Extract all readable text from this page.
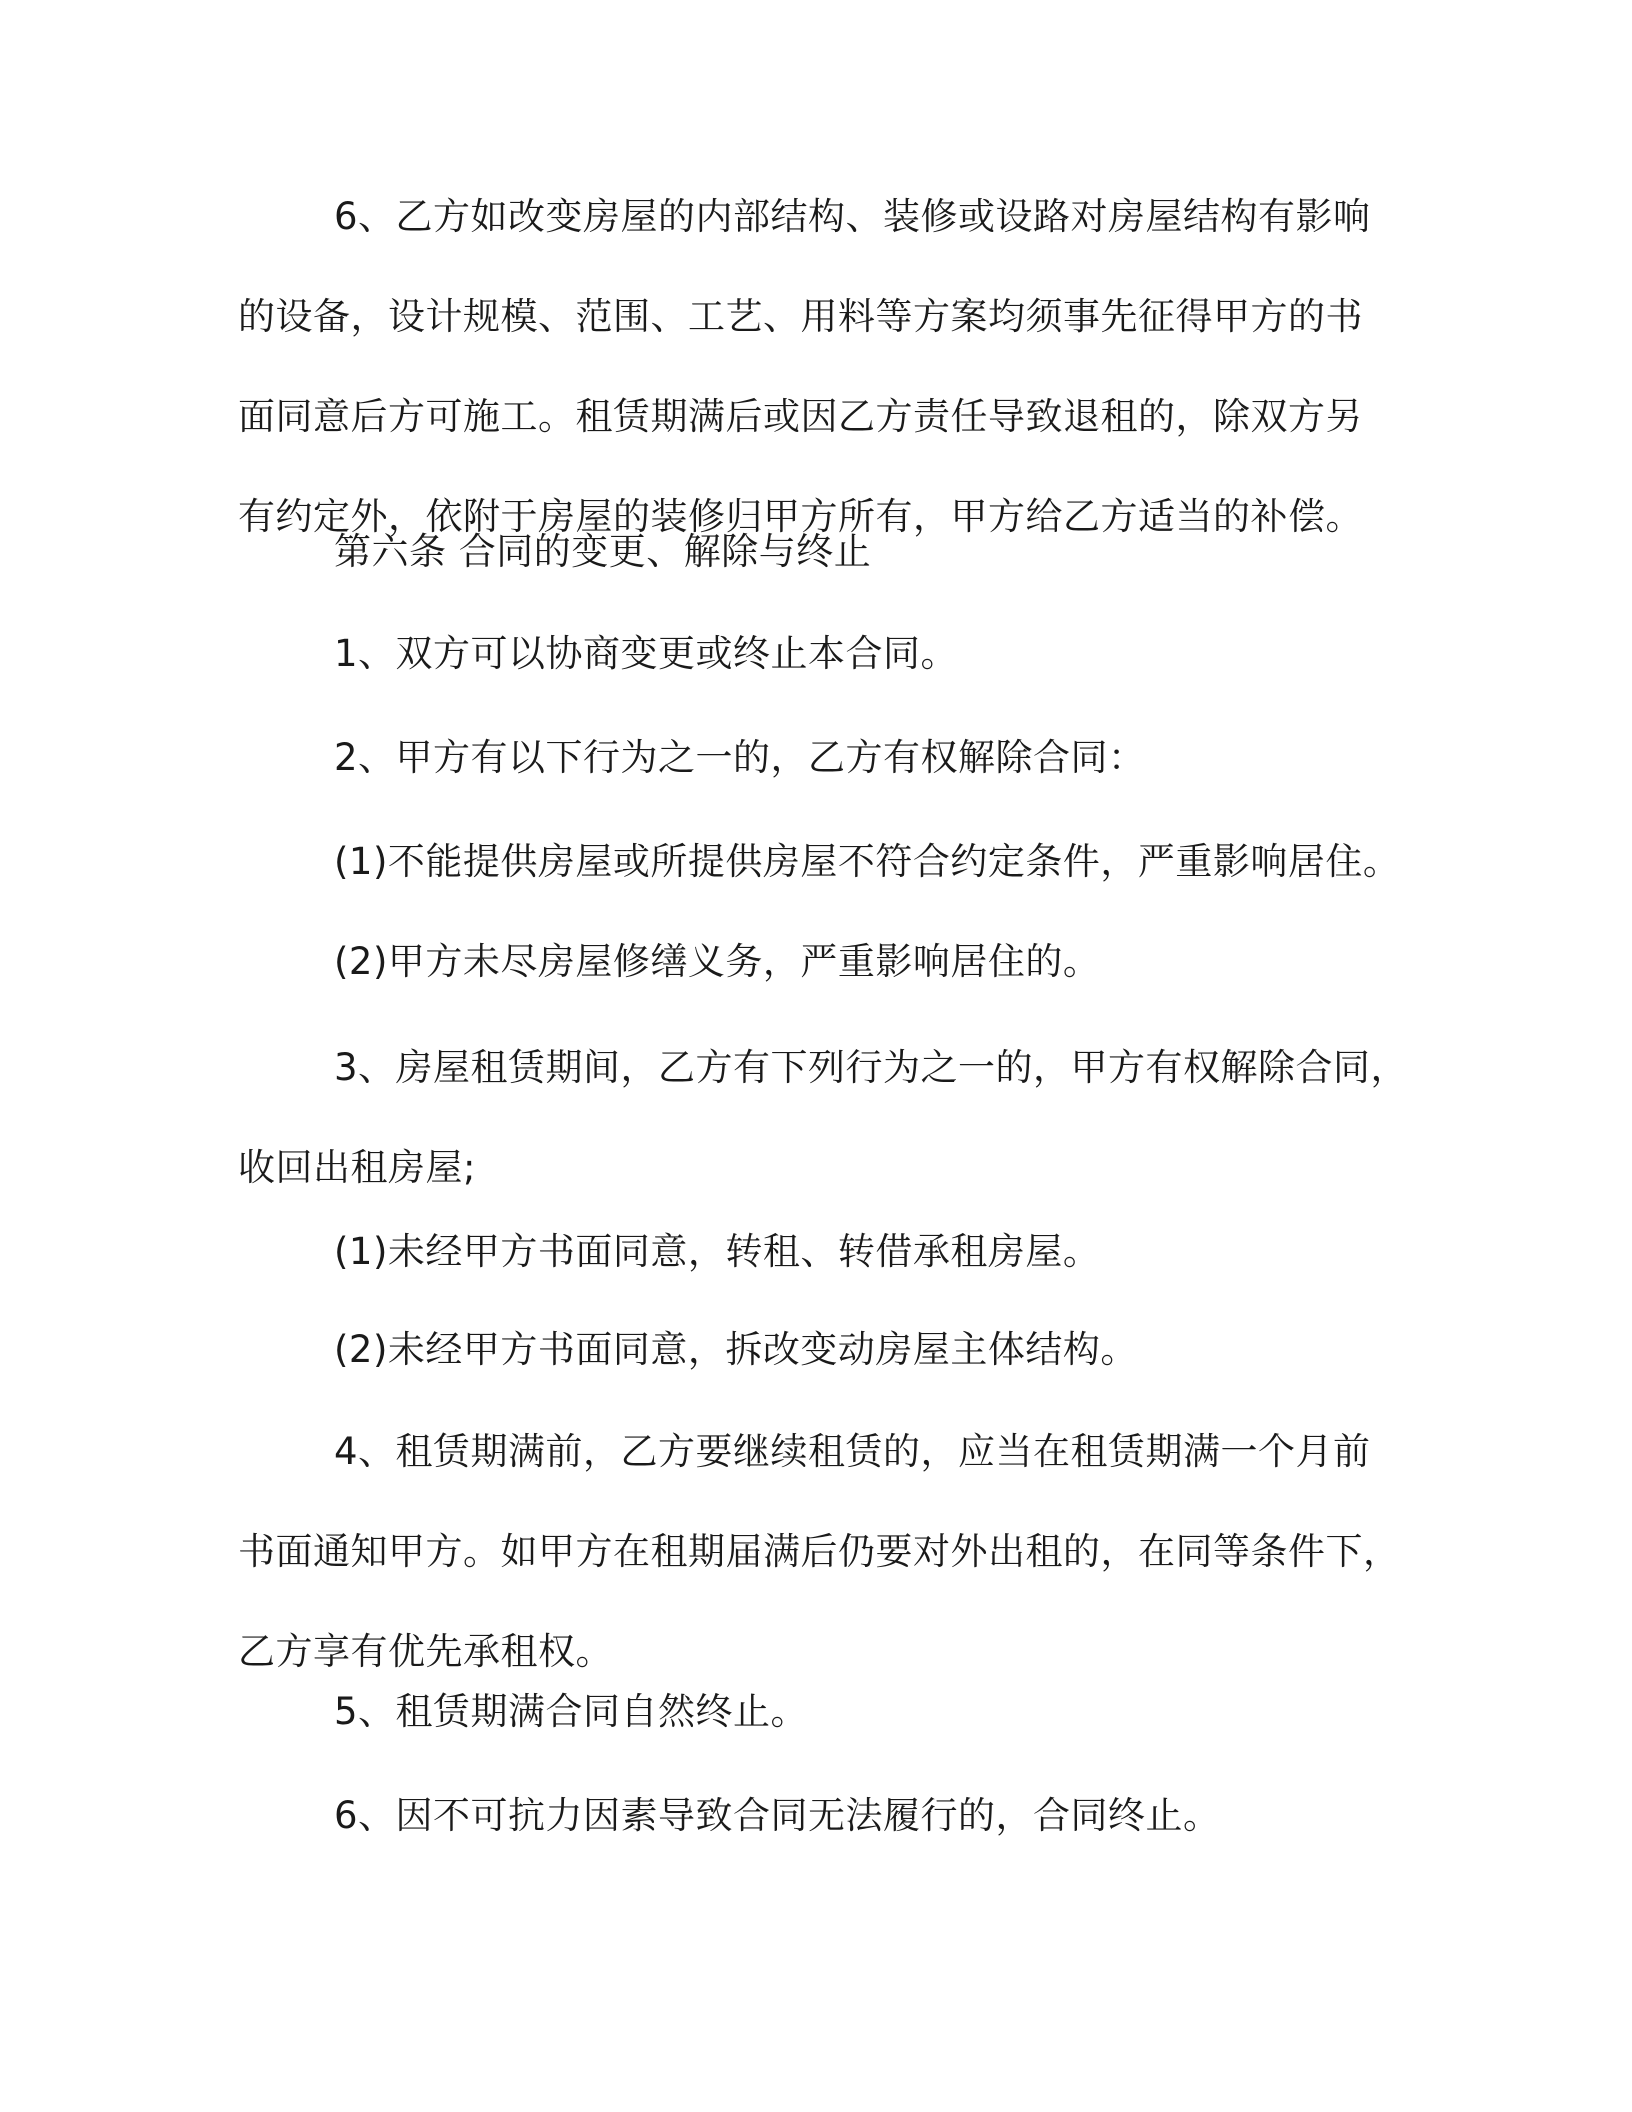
6、乙方如改变房屋的内部结构、装修或设路对房屋结构有影响
的设备，设计规模、范围、工艺、用料等方案均须事先征得甲方的书
面同意后方可施工。租赁期满后或因乙方责任导致退租的，除双方另
有约定外，依附于房屋的装修归甲方所有，甲方给乙方适当的补偿。
第六条 合同的变更、解除与终止
1、双方可以协商变更或终止本合同。
2、甲方有以下行为之一的，乙方有权解除合同：
(1)不能提供房屋或所提供房屋不符合约定条件，严重影响居住。
(2)甲方未尽房屋修缮义务，严重影响居住的。
3、房屋租赁期间，乙方有下列行为之一的，甲方有权解除合同，
收回出租房屋;
(1)未经甲方书面同意，转租、转借承租房屋。
(2)未经甲方书面同意，拆改变动房屋主体结构。
4、租赁期满前，乙方要继续租赁的，应当在租赁期满一个月前
书面通知甲方。如甲方在租期届满后仍要对外出租的，在同等条件下，
乙方享有优先承租权。
5、租赁期满合同自然终止。
6、因不可抗力因素导致合同无法履行的，合同终止。
